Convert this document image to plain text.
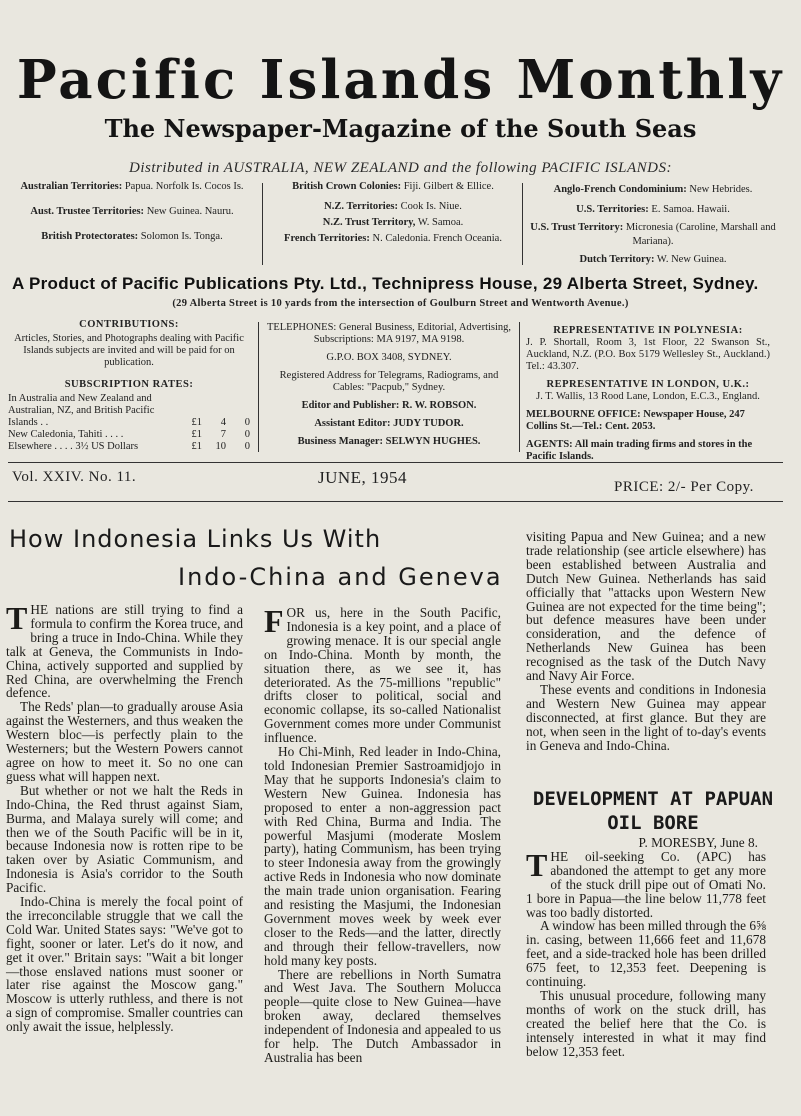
Pacific Islands Monthly
The Newspaper-Magazine of the South Seas
Distributed in AUSTRALIA, NEW ZEALAND and the following PACIFIC ISLANDS:

Australian Territories: Papua. Norfolk Is. Cocos Is.

Aust. Trustee Territories: New Guinea. Nauru.

British Protectorates: Solomon Is. Tonga.

British Crown Colonies: Fiji. Gilbert & Ellice.

N.Z. Territories: Cook Is. Niue.

N.Z. Trust Territory, W. Samoa.

French Territories: N. Caledonia. French Oceania.

Anglo-French Condominium: New Hebrides.

U.S. Territories: E. Samoa. Hawaii.

U.S. Trust Territory: Micronesia (Caroline, Marshall and Mariana).

Dutch Territory: W. New Guinea.

A Product of Pacific Publications Pty. Ltd., Technipress House, 29 Alberta Street, Sydney.
(29 Alberta Street is 10 yards from the intersection of Goulburn Street and Wentworth Avenue.)

CONTRIBUTIONS:

Articles, Stories, and Photographs dealing with Pacific Islands subjects are invited and will be paid for on publication.

SUBSCRIPTION RATES:

In Australia and New Zealand and Australian, NZ, and British Pacific Islands . .	£1	4	0
New Caledonia, Tahiti . . . .	£1	7	0
Elsewhere . . . . 3½ US Dollars	£1	10	0

TELEPHONES: General Business, Editorial, Advertising, Subscriptions: MA 9197, MA 9198.

G.P.O. BOX 3408, SYDNEY.

Registered Address for Telegrams, Radiograms, and Cables: "Pacpub," Sydney.

Editor and Publisher: R. W. ROBSON.

Assistant Editor: JUDY TUDOR.

Business Manager: SELWYN HUGHES.

REPRESENTATIVE IN POLYNESIA:

J. P. Shortall, Room 3, 1st Floor, 22 Swanson St., Auckland, N.Z. (P.O. Box 5179 Wellesley St., Auckland.) Tel.: 43.307.

REPRESENTATIVE IN LONDON, U.K.:

J. T. Wallis, 13 Rood Lane, London, E.C.3., England.

MELBOURNE OFFICE: Newspaper House, 247 Collins St.—Tel.: Cent. 2053.

AGENTS: All main trading firms and stores in the Pacific Islands.

Vol. XXIV. No. 11.	JUNE, 1954	PRICE: 2/- Per Copy.
How Indonesia Links Us With
Indo-China and Geneva

THE nations are still trying to find a formula to confirm the Korea truce, and bring a truce in Indo-China. While they talk at Geneva, the Communists in Indo-China, actively supported and supplied by Red China, are overwhelming the French defence.

The Reds' plan—to gradually arouse Asia against the Westerners, and thus weaken the Western bloc—is perfectly plain to the Westerners; but the Western Powers cannot agree on how to meet it. So no one can guess what will happen next.

But whether or not we halt the Reds in Indo-China, the Red thrust against Siam, Burma, and Malaya surely will come; and then we of the South Pacific will be in it, because Indonesia now is rotten ripe to be taken over by Asiatic Communism, and Indonesia is Asia's corridor to the South Pacific.

Indo-China is merely the focal point of the irreconcilable struggle that we call the Cold War. United States says: "We've got to fight, sooner or later. Let's do it now, and get it over." Britain says: "Wait a bit longer—those enslaved nations must sooner or later rise against the Moscow gang." Moscow is utterly ruthless, and there is not a sign of compromise. Smaller countries can only await the issue, helplessly.

FOR us, here in the South Pacific, Indonesia is a key point, and a place of growing menace. It is our special angle on Indo-China. Month by month, the situation there, as we see it, has deteriorated. As the 75-millions "republic" drifts closer to political, social and economic collapse, its so-called Nationalist Government comes more under Communist influence.

Ho Chi-Minh, Red leader in Indo-China, told Indonesian Premier Sastroamidjojo in May that he supports Indonesia's claim to Western New Guinea. Indonesia has proposed to enter a non-aggression pact with Red China, Burma and India. The powerful Masjumi (moderate Moslem party), hating Communism, has been trying to steer Indonesia away from the growingly active Reds in Indonesia who now dominate the main trade union organisation. Fearing and resisting the Masjumi, the Indonesian Government moves week by week ever closer to the Reds—and the latter, directly and through their fellow-travellers, now hold many key posts.

There are rebellions in North Sumatra and West Java. The Southern Molucca people—quite close to New Guinea—have broken away, declared themselves independent of Indonesia and appealed to us for help. The Dutch Ambassador in Australia has been

visiting Papua and New Guinea; and a new trade relationship (see article elsewhere) has been established between Australia and Dutch New Guinea. Netherlands has said officially that "attacks upon Western New Guinea are not expected for the time being"; but defence measures have been under consideration, and the defence of Netherlands New Guinea has been recognised as the task of the Dutch Navy and Navy Air Force.

These events and conditions in Indonesia and Western New Guinea may appear disconnected, at first glance. But they are not, when seen in the light of to-day's events in Geneva and Indo-China.

DEVELOPMENT AT PAPUAN OIL BORE

P. MORESBY, June 8.

THE oil-seeking Co. (APC) has abandoned the attempt to get any more of the stuck drill pipe out of Omati No. 1 bore in Papua—the line below 11,778 feet was too badly distorted.

A window has been milled through the 6⅝ in. casing, between 11,666 feet and 11,678 feet, and a side-tracked hole has been drilled 675 feet, to 12,353 feet. Deepening is continuing.

This unusual procedure, following many months of work on the stuck drill, has created the belief here that the Co. is intensely interested in what it may find below 12,353 feet.
